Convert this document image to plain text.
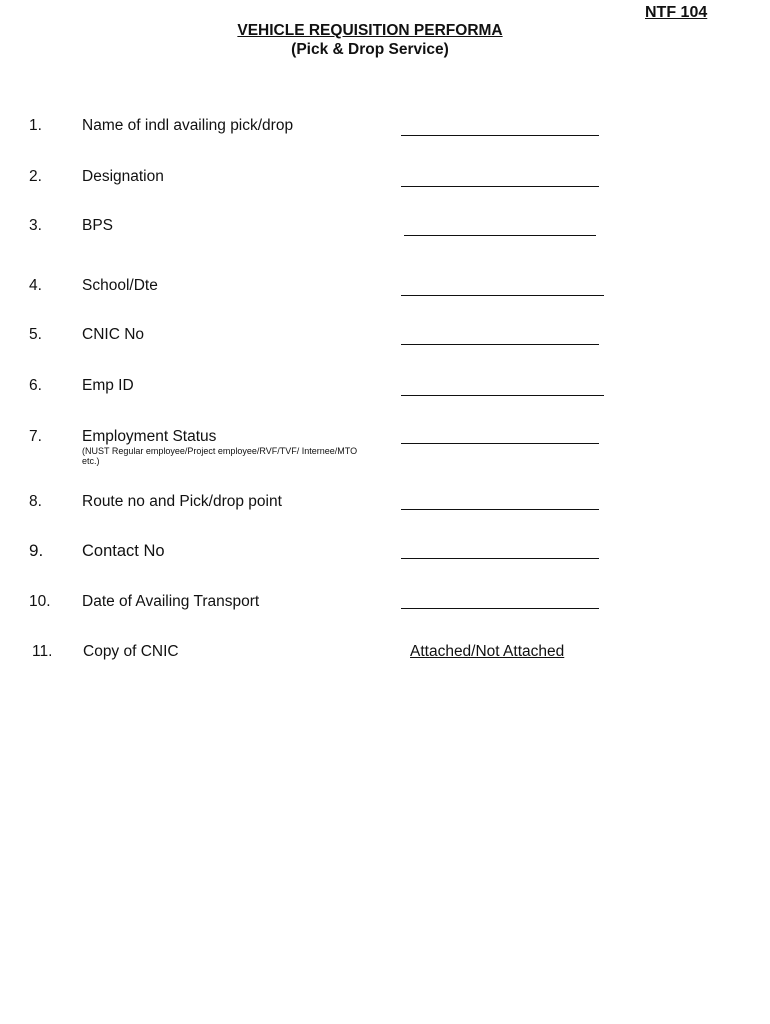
NTF 104
VEHICLE REQUISITION PERFORMA
(Pick & Drop Service)
1.	Name of indl availing pick/drop
2.	Designation
3.	BPS
4.	School/Dte
5.	CNIC No
6.	Emp ID
7.	Employment Status
(NUST Regular employee/Project employee/RVF/TVF/ Internee/MTO etc.)
8.	Route no and Pick/drop point
9. Contact No
10. Date of Availing Transport
11. Copy of CNIC	Attached/Not Attached
